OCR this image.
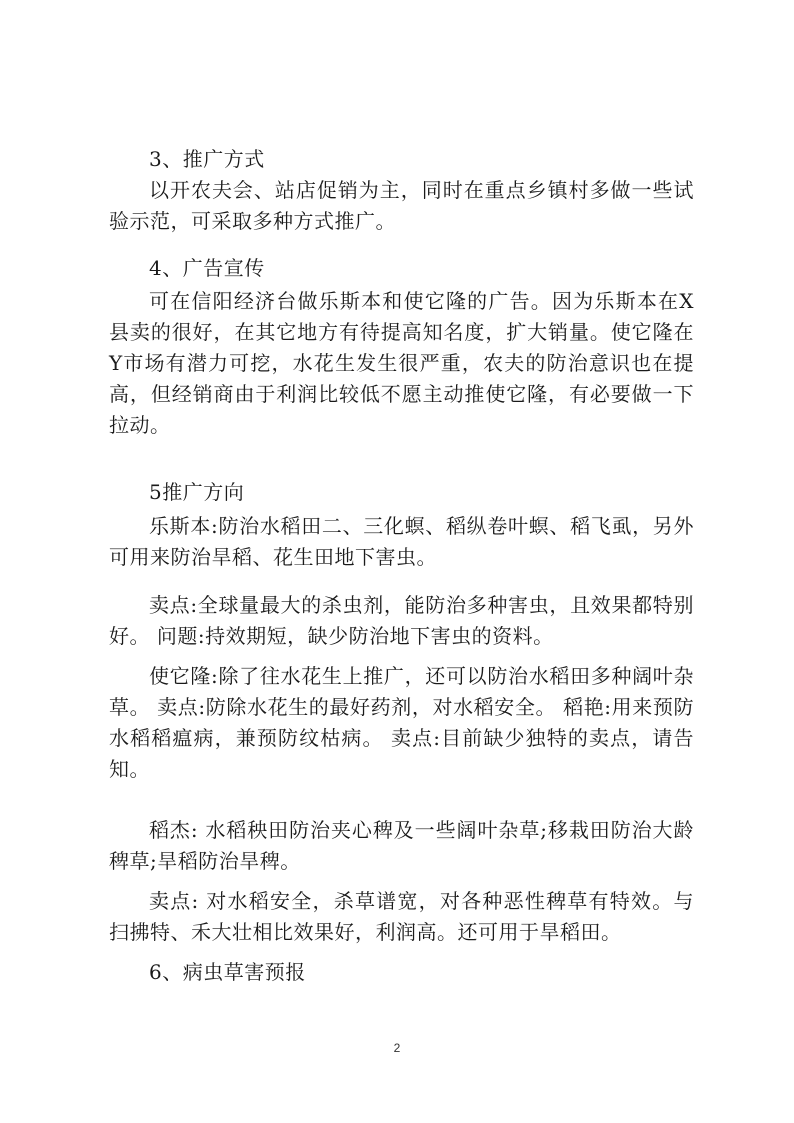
3、推广方式

以开农夫会、站店促销为主，同时在重点乡镇村多做一些试验示范，可采取多种方式推广。

4、广告宣传

可在信阳经济台做乐斯本和使它隆的广告。因为乐斯本在X县卖的很好，在其它地方有待提高知名度，扩大销量。使它隆在Y市场有潜力可挖，水花生发生很严重，农夫的防治意识也在提高，但经销商由于利润比较低不愿主动推使它隆，有必要做一下拉动。

5推广方向

乐斯本:防治水稻田二、三化螟、稻纵卷叶螟、稻飞虱，另外可用来防治旱稻、花生田地下害虫。

卖点:全球量最大的杀虫剂，能防治多种害虫，且效果都特别好。 问题:持效期短，缺少防治地下害虫的资料。

使它隆:除了往水花生上推广，还可以防治水稻田多种阔叶杂草。 卖点:防除水花生的最好药剂，对水稻安全。 稻艳:用来预防水稻稻瘟病，兼预防纹枯病。 卖点:目前缺少独特的卖点，请告知。

稻杰: 水稻秧田防治夹心稗及一些阔叶杂草;移栽田防治大龄稗草;旱稻防治旱稗。

卖点: 对水稻安全，杀草谱宽，对各种恶性稗草有特效。与扫拂特、禾大壮相比效果好，利润高。还可用于旱稻田。

6、病虫草害预报

2
